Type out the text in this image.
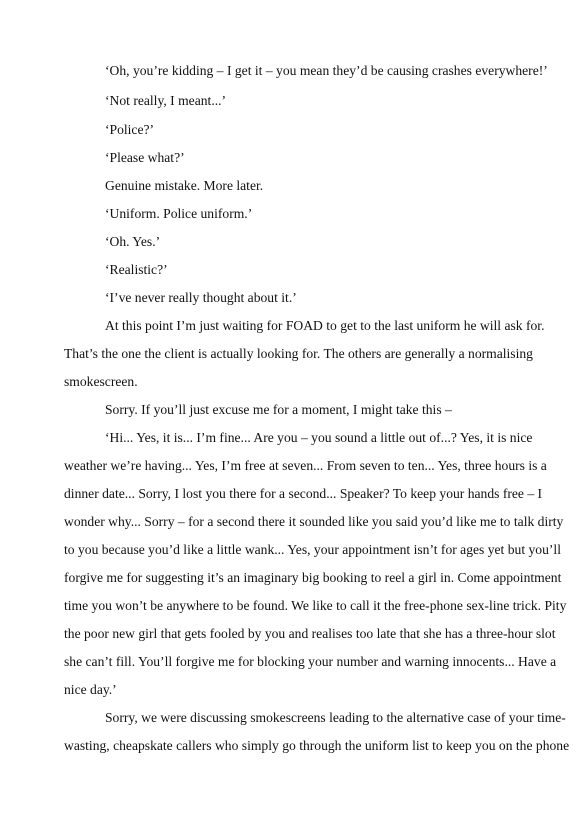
‘Oh, you’re kidding – I get it – you mean they’d be causing crashes everywhere!’
‘Not really, I meant...’
‘Police?’
‘Please what?’
Genuine mistake. More later.
‘Uniform. Police uniform.’
‘Oh. Yes.’
‘Realistic?’
‘I’ve never really thought about it.’
At this point I’m just waiting for FOAD to get to the last uniform he will ask for.
That’s the one the client is actually looking for. The others are generally a normalising
smokescreen.
Sorry. If you’ll just excuse me for a moment, I might take this –
‘Hi... Yes, it is... I’m fine... Are you – you sound a little out of...? Yes, it is nice
weather we’re having... Yes, I’m free at seven... From seven to ten... Yes, three hours is a
dinner date... Sorry, I lost you there for a second... Speaker? To keep your hands free – I
wonder why... Sorry – for a second there it sounded like you said you’d like me to talk dirty
to you because you’d like a little wank... Yes, your appointment isn’t for ages yet but you’ll
forgive me for suggesting it’s an imaginary big booking to reel a girl in. Come appointment
time you won’t be anywhere to be found. We like to call it the free-phone sex-line trick. Pity
the poor new girl that gets fooled by you and realises too late that she has a three-hour slot
she can’t fill. You’ll forgive me for blocking your number and warning innocents... Have a
nice day.’
Sorry, we were discussing smokescreens leading to the alternative case of your time-
wasting, cheapskate callers who simply go through the uniform list to keep you on the phone
